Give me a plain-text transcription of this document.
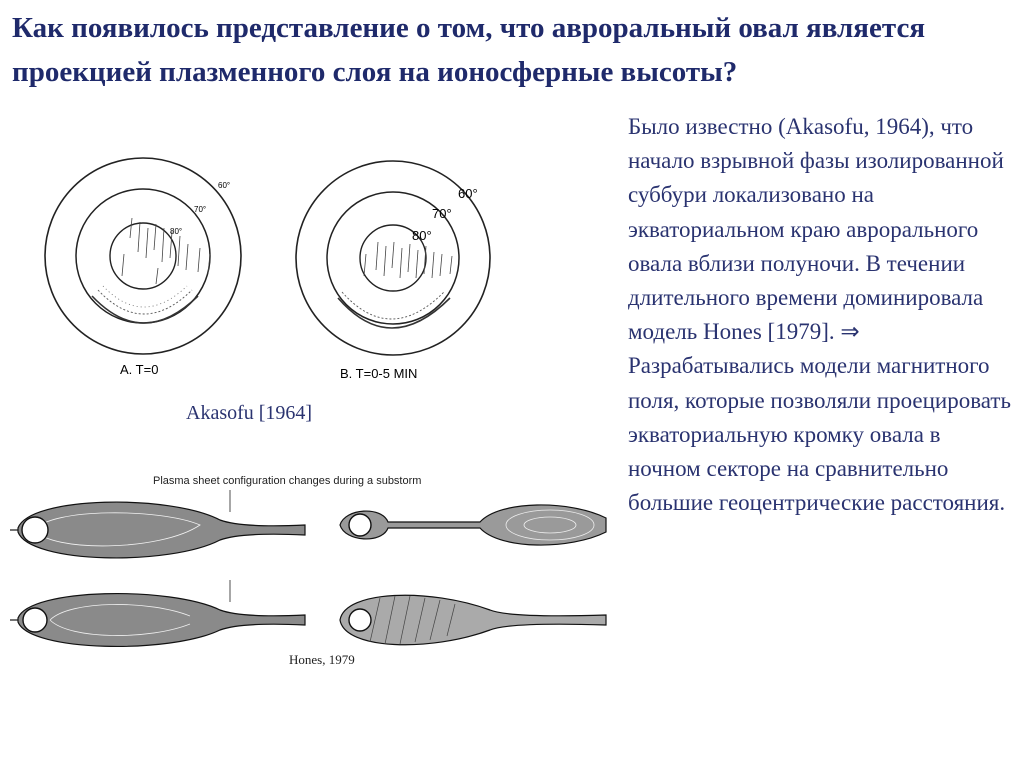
Как появилось представление о том, что авроральный овал является проекцией плазменного слоя на ионосферные высоты?
Было известно (Akasofu, 1964), что начало взрывной фазы изолированной суббури локализовано на экваториальном краю аврорального овала вблизи полуночи. В течении длительного времени доминировала модель Hones [1979]. ⇒ Разрабатывались модели магнитного поля, которые позволяли проецировать экваториальную кромку овала в ночном секторе на сравнительно большие геоцентрические расстояния.
60°
70°
80°
A. T=0
60°
70°
80°
B. T=0-5 MIN
Akasofu [1964]
Plasma sheet configuration changes during a substorm
Hones, 1979
